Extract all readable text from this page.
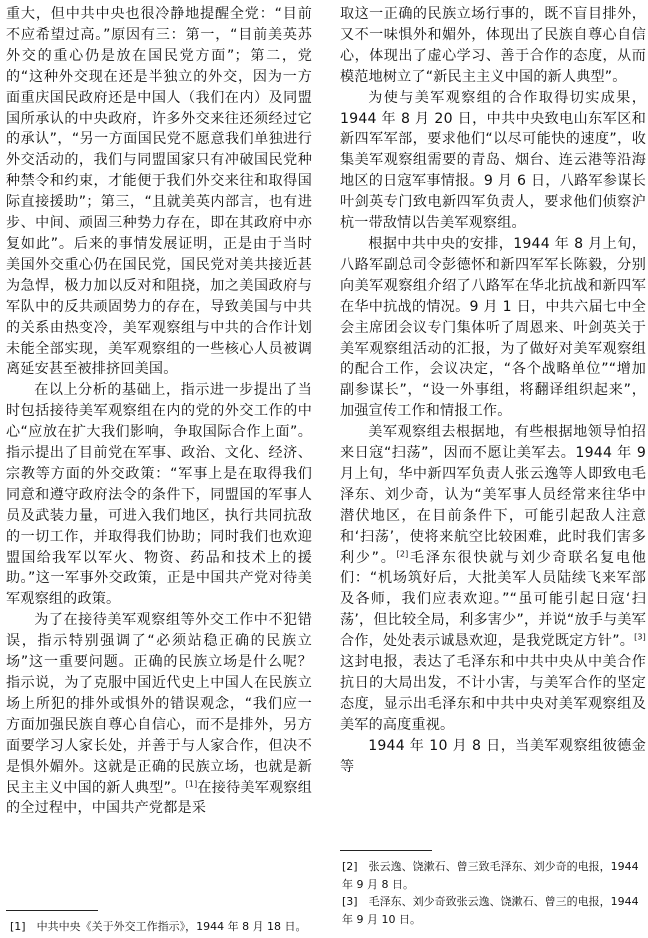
重大，但中共中央也很冷静地提醒全党：“目前不应希望过高。”原因有三：第一，“目前美英苏外交的重心仍是放在国民党方面”；第二，党的“这种外交现在还是半独立的外交，因为一方面重庆国民政府还是中国人（我们在内）及同盟国所承认的中央政府，许多外交来往还须经过它的承认”，“另一方面国民党不愿意我们单独进行外交活动的，我们与同盟国家只有冲破国民党种种禁令和约束，才能便于我们外交来往和取得国际直接援助”；第三，“且就美英内部言，也有进步、中间、顽固三种势力存在，即在其政府中亦复如此”。后来的事情发展证明，正是由于当时美国外交重心仍在国民党，国民党对美共接近甚为急悍，极力加以反对和阻挠，加之美国政府与军队中的反共顽固势力的存在，导致美国与中共的关系由热变冷，美军观察组与中共的合作计划未能全部实现，美军观察组的一些核心人员被调离延安甚至被排挤回美国。

在以上分析的基础上，指示进一步提出了当时包括接待美军观察组在内的党的外交工作的中心“应放在扩大我们影响，争取国际合作上面”。指示提出了目前党在军事、政治、文化、经济、宗教等方面的外交政策：“军事上是在取得我们同意和遵守政府法令的条件下，同盟国的军事人员及武装力量，可进入我们地区，执行共同抗敌的一切工作，并取得我们协助；同时我们也欢迎盟国给我军以军火、物资、药品和技术上的援助。”这一军事外交政策，正是中国共产党对待美军观察组的政策。

为了在接待美军观察组等外交工作中不犯错误，指示特别强调了“必须站稳正确的民族立场”这一重要问题。正确的民族立场是什么呢？指示说，为了克服中国近代史上中国人在民族立场上所犯的排外或惧外的错误观念，“我们应一方面加强民族自尊心自信心，而不是排外，另方面要学习人家长处，并善于与人家合作，但决不是惧外媚外。这就是正确的民族立场，也就是新民主主义中国的新人典型”。[1]在接待美军观察组的全过程中，中国共产党都是采

取这一正确的民族立场行事的，既不盲目排外，又不一味惧外和媚外，体现出了民族自尊心自信心，体现出了虚心学习、善于合作的态度，从而模范地树立了“新民主主义中国的新人典型”。

为使与美军观察组的合作取得切实成果，1944 年 8 月 20 日，中共中央致电山东军区和新四军军部，要求他们“以尽可能快的速度”，收集美军观察组需要的青岛、烟台、连云港等沿海地区的日寇军事情报。9 月 6 日，八路军参谋长叶剑英专门致电新四军负责人，要求他们侦察沪杭一带敌情以告美军观察组。

根据中共中央的安排，1944 年 8 月上旬，八路军副总司令彭德怀和新四军军长陈毅，分别向美军观察组介绍了八路军在华北抗战和新四军在华中抗战的情况。9 月 1 日，中共六届七中全会主席团会议专门集体听了周恩来、叶剑英关于美军观察组活动的汇报，为了做好对美军观察组的配合工作，会议决定，“各个战略单位”“增加副参谋长”，“设一外事组，将翻译组织起来”，加强宣传工作和情报工作。

美军观察组去根据地，有些根据地领导怕招来日寇“扫荡”，因而不愿让美军去。1944 年 9 月上旬，华中新四军负责人张云逸等人即致电毛泽东、刘少奇，认为“美军事人员经常来往华中潜伏地区，在目前条件下，可能引起敌人注意和‘扫荡’，使将来航空比较困难，此时我们害多利少”。[2]毛泽东很快就与刘少奇联名复电他们：“机场筑好后，大批美军人员陆续飞来军部及各师，我们应表欢迎。”“虽可能引起日寇‘扫荡’，但比较全局，利多害少”，并说“放手与美军合作，处处表示诚恳欢迎，是我党既定方针”。[3]这封电报，表达了毛泽东和中共中央从中美合作抗日的大局出发，不计小害，与美军合作的坚定态度，显示出毛泽东和中共中央对美军观察组及美军的高度重视。

1944 年 10 月 8 日，当美军观察组彼德金等

[1]　中共中央《关于外交工作指示》，1944 年 8 月 18 日。

[2]　张云逸、饶漱石、曾三致毛泽东、刘少奇的电报，1944 年 9 月 8 日。

[3]　毛泽东、刘少奇致张云逸、饶漱石、曾三的电报，1944 年 9 月 10 日。
